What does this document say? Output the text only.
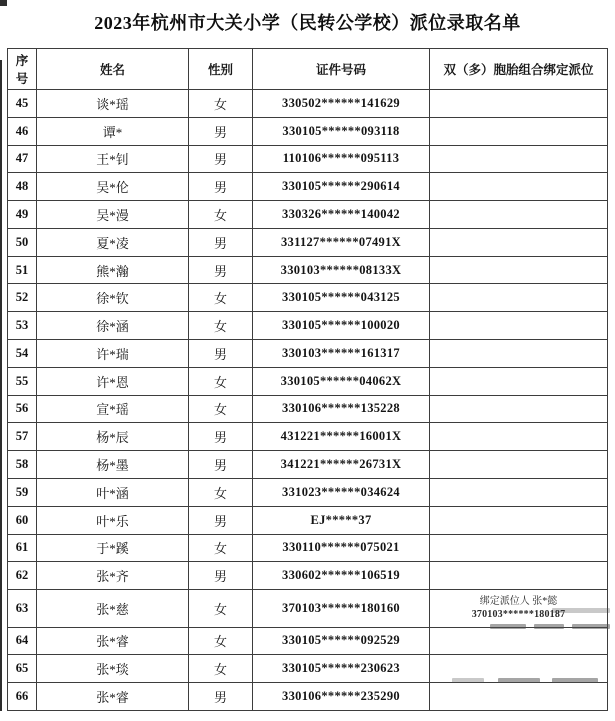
2023年杭州市大关小学（民转公学校）派位录取名单
序号	姓名	性别	证件号码	双（多）胞胎组合绑定派位
45	谈*瑶	女	330502******141629	
46	谭*	男	330105******093118	
47	王*钊	男	110106******095113	
48	吴*伦	男	330105******290614	
49	吴*漫	女	330326******140042	
50	夏*凌	男	331127******07491X	
51	熊*瀚	男	330103******08133X	
52	徐*钦	女	330105******043125	
53	徐*涵	女	330105******100020	
54	许*瑞	男	330103******161317	
55	许*恩	女	330105******04062X	
56	宣*瑶	女	330106******135228	
57	杨*辰	男	431221******16001X	
58	杨*墨	男	341221******26731X	
59	叶*涵	女	331023******034624	
60	叶*乐	男	EJ*****37	
61	于*蹊	女	330110******075021	
62	张*齐	男	330602******106519	
63	张*慈	女	370103******180160	绑定派位人 张*懿
370103******180187

64	张*睿	女	330105******092529	
65	张*琰	女	330105******230623	
66	张*睿	男	330106******235290	
